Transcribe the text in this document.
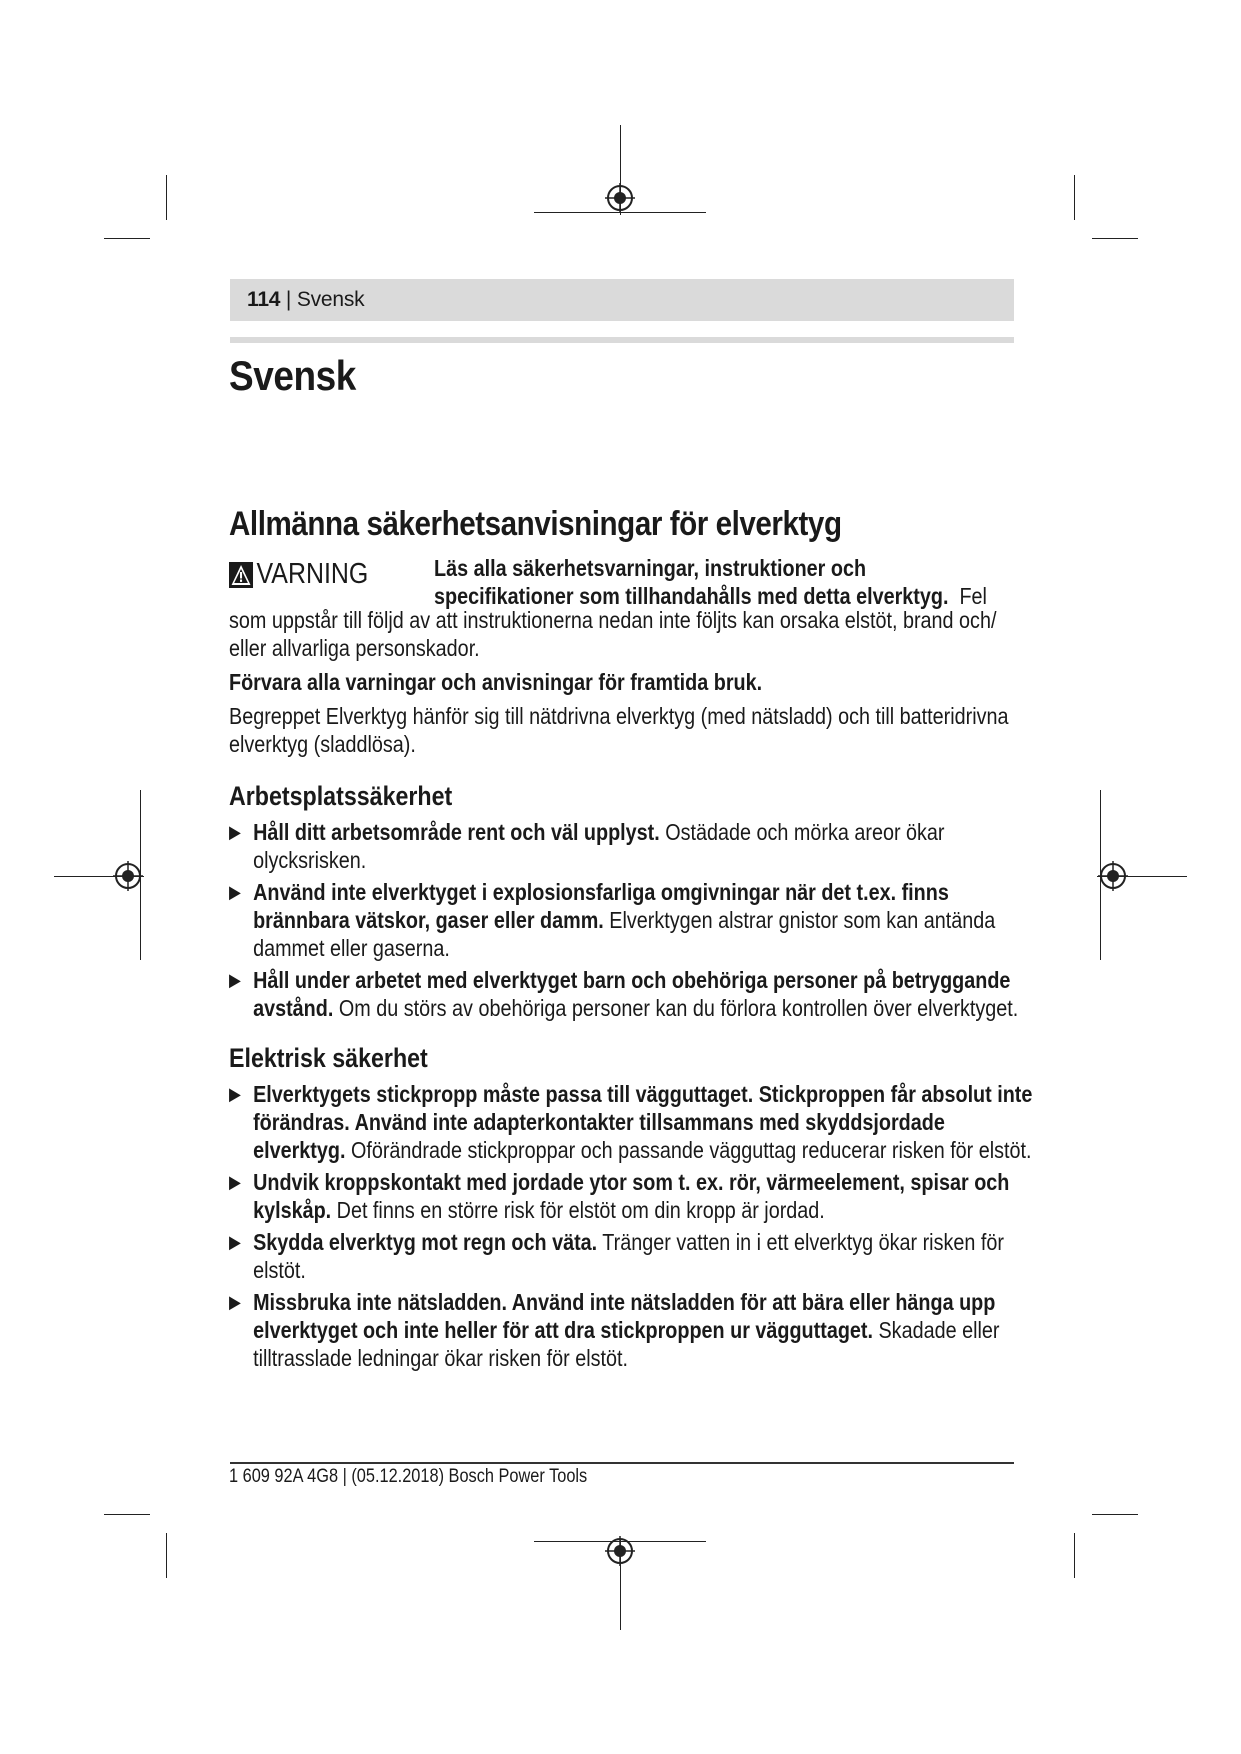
114 | Svensk
Svensk
Allmänna säkerhetsanvisningar för elverktyg
VARNING	Läs alla säkerhetsvarningar, instruktioner och
specifikationer som tillhandahålls med detta elverktyg. Fel

som uppstår till följd av att instruktionerna nedan inte följts kan orsaka elstöt, brand och/ eller allvarliga personskador.

Förvara alla varningar och anvisningar för framtida bruk.

Begreppet Elverktyg hänför sig till nätdrivna elverktyg (med nätsladd) och till batteridrivna elverktyg (sladdlösa).

Arbetsplatssäkerhet
▶ Håll ditt arbetsområde rent och väl upplyst. Ostädade och mörka areor ökar olycksrisken.
▶ Använd inte elverktyget i explosionsfarliga omgivningar när det t.ex. finns brännbara vätskor, gaser eller damm. Elverktygen alstrar gnistor som kan antända dammet eller gaserna.
▶ Håll under arbetet med elverktyget barn och obehöriga personer på betryggande avstånd. Om du störs av obehöriga personer kan du förlora kontrollen över elverktyget.
Elektrisk säkerhet
▶ Elverktygets stickpropp måste passa till vägguttaget. Stickproppen får absolut inte förändras. Använd inte adapterkontakter tillsammans med skyddsjordade elverktyg. Oförändrade stickproppar och passande vägguttag reducerar risken för elstöt.
▶ Undvik kroppskontakt med jordade ytor som t. ex. rör, värmeelement, spisar och kylskåp. Det finns en större risk för elstöt om din kropp är jordad.
▶ Skydda elverktyg mot regn och väta. Tränger vatten in i ett elverktyg ökar risken för elstöt.
▶ Missbruka inte nätsladden. Använd inte nätsladden för att bära eller hänga upp elverktyget och inte heller för att dra stickproppen ur vägguttaget. Skadade eller tilltrasslade ledningar ökar risken för elstöt.
1 609 92A 4G8 | (05.12.2018) Bosch Power Tools
